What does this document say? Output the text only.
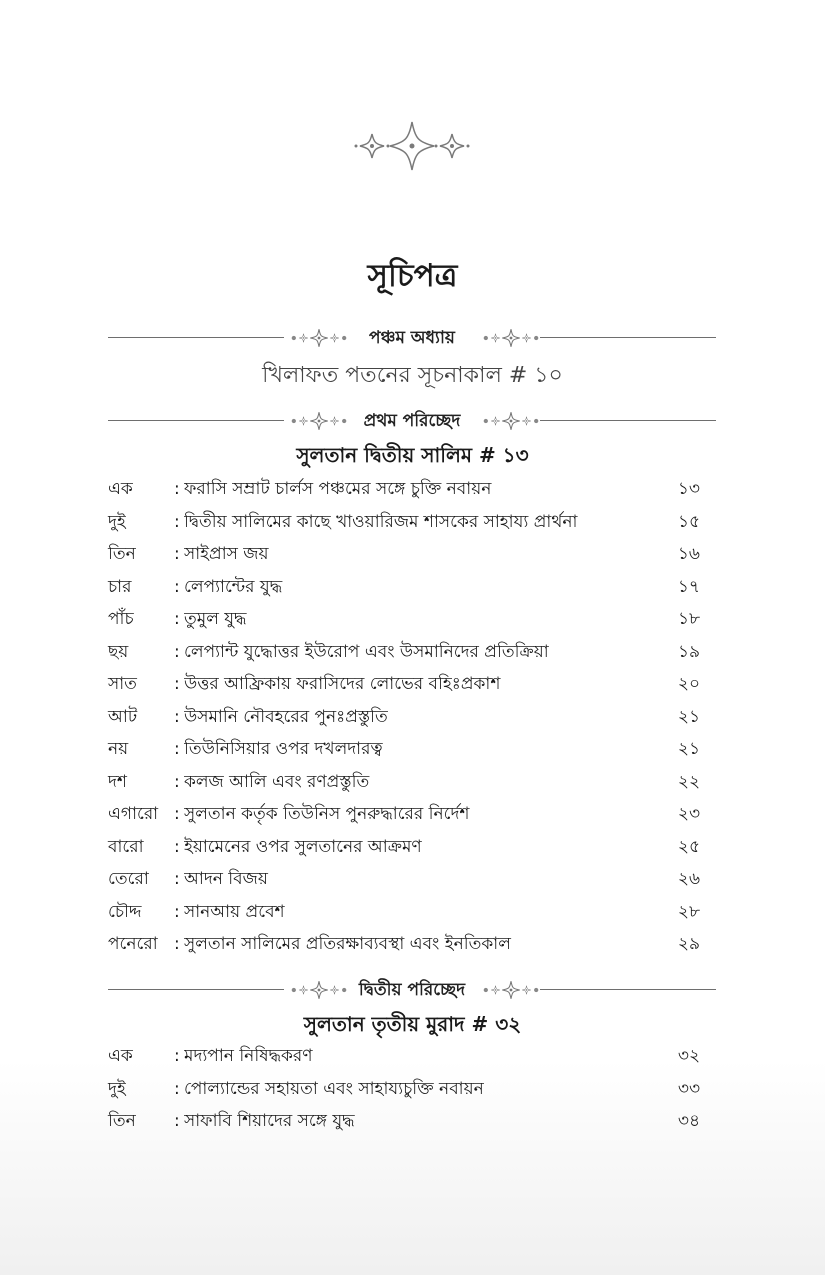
সূচিপত্র
পঞ্চম অধ্যায়
খিলাফত পতনের সূচনাকাল # ১০
প্রথম পরিচ্ছেদ
সুলতান দ্বিতীয় সালিম # ১৩
এক	: ফরাসি সম্রাট চার্লস পঞ্চমের সঙ্গে চুক্তি নবায়ন	১৩
দুই	: দ্বিতীয় সালিমের কাছে খাওয়ারিজম শাসকের সাহায্য প্রার্থনা	১৫
তিন	: সাইপ্রাস জয়	১৬
চার	: লেপ্যান্টের যুদ্ধ	১৭
পাঁচ	: তুমুল যুদ্ধ	১৮
ছয়	: লেপ্যান্ট যুদ্ধোত্তর ইউরোপ এবং উসমানিদের প্রতিক্রিয়া	১৯
সাত	: উত্তর আফ্রিকায় ফরাসিদের লোভের বহিঃপ্রকাশ	২০
আট	: উসমানি নৌবহরের পুনঃপ্রস্তুতি	২১
নয়	: তিউনিসিয়ার ওপর দখলদারত্ব	২১
দশ	: কলজ আলি এবং রণপ্রস্তুতি	২২
এগারো : সুলতান কর্তৃক তিউনিস পুনরুদ্ধারের নির্দেশ	২৩
বারো	: ইয়ামেনের ওপর সুলতানের আক্রমণ	২৫
তেরো	: আদন বিজয়	২৬
চৌদ্দ	: সানআয় প্রবেশ	২৮
পনেরো : সুলতান সালিমের প্রতিরক্ষাব্যবস্থা এবং ইনতিকাল	২৯
দ্বিতীয় পরিচ্ছেদ
সুলতান তৃতীয় মুরাদ # ৩২
এক	: মদ্যপান নিষিদ্ধকরণ	৩২
দুই	: পোল্যান্ডের সহায়তা এবং সাহায্যচুক্তি নবায়ন	৩৩
তিন	: সাফাবি শিয়াদের সঙ্গে যুদ্ধ	৩৪
